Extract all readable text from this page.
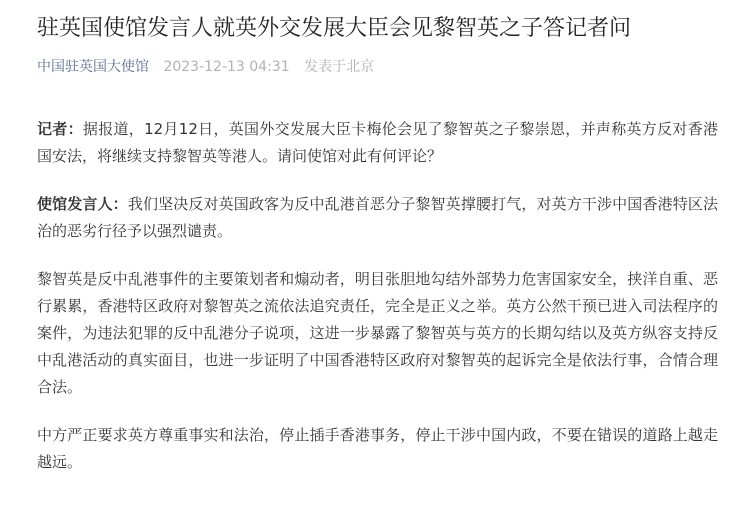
驻英国使馆发言人就英外交发展大臣会见黎智英之子答记者问
中国驻英国大使馆 2023-12-13 04:31 发表于北京

记者：据报道，12月12日，英国外交发展大臣卡梅伦会见了黎智英之子黎崇恩，并声称英方反对香港国安法，将继续支持黎智英等港人。请问使馆对此有何评论？

使馆发言人：我们坚决反对英国政客为反中乱港首恶分子黎智英撑腰打气，对英方干涉中国香港特区法治的恶劣行径予以强烈谴责。

黎智英是反中乱港事件的主要策划者和煽动者，明目张胆地勾结外部势力危害国家安全，挟洋自重、恶行累累，香港特区政府对黎智英之流依法追究责任，完全是正义之举。英方公然干预已进入司法程序的案件，为违法犯罪的反中乱港分子说项，这进一步暴露了黎智英与英方的长期勾结以及英方纵容支持反中乱港活动的真实面目，也进一步证明了中国香港特区政府对黎智英的起诉完全是依法行事，合情合理合法。

中方严正要求英方尊重事实和法治，停止插手香港事务，停止干涉中国内政，不要在错误的道路上越走越远。
